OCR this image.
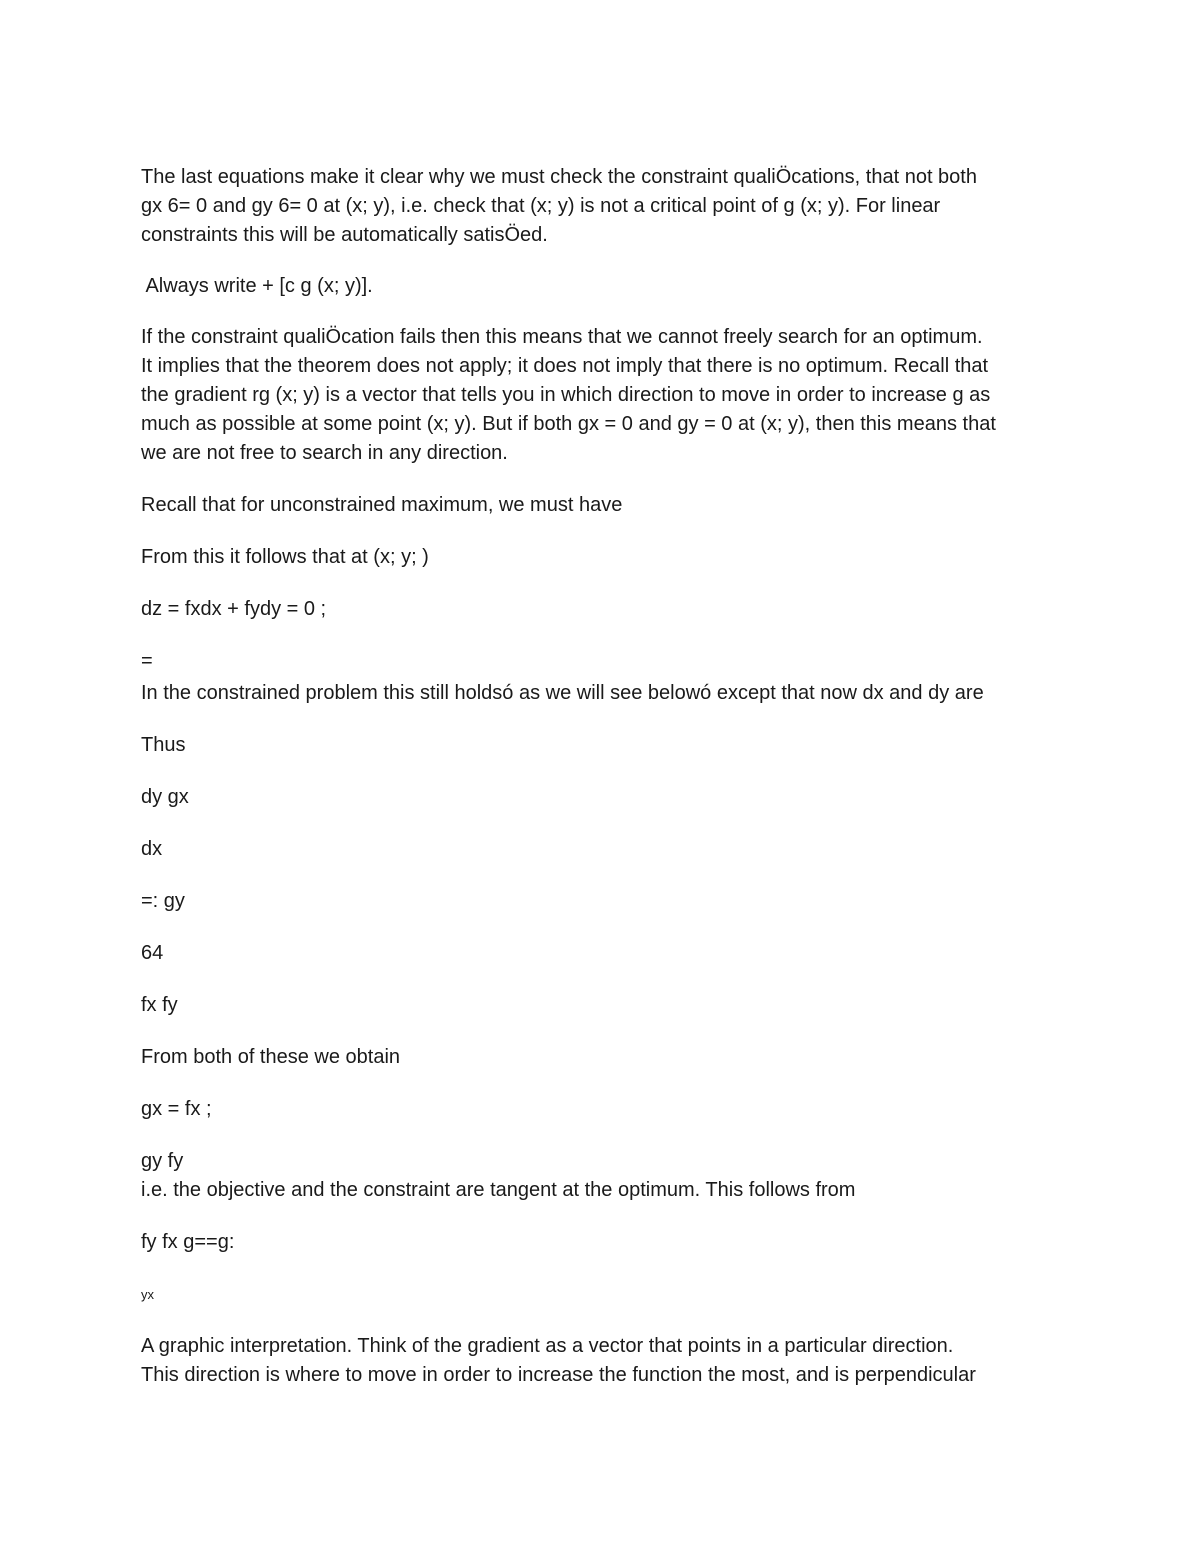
The last equations make it clear why we must check the constraint qualiÖcations, that not both
gx 6= 0 and gy 6= 0 at (x; y), i.e. check that (x; y) is not a critical point of g (x; y). For linear
constraints this will be automatically satisÖed.

Always write + [c g (x; y)].

If the constraint qualiÖcation fails then this means that we cannot freely search for an optimum.
It implies that the theorem does not apply; it does not imply that there is no optimum. Recall that
the gradient rg (x; y) is a vector that tells you in which direction to move in order to increase g as
much as possible at some point (x; y). But if both gx = 0 and gy = 0 at (x; y), then this means that
we are not free to search in any direction.

Recall that for unconstrained maximum, we must have

From this it follows that at (x; y; )

dz = fxdx + fydy = 0 ;

=

In the constrained problem this still holdsó as we will see belowó except that now dx and dy are

Thus

dy gx

dx

=: gy

64

fx fy

From both of these we obtain

gx = fx ;

gy fy

i.e. the objective and the constraint are tangent at the optimum. This follows from

fy fx g==g:

yx

A graphic interpretation. Think of the gradient as a vector that points in a particular direction.
This direction is where to move in order to increase the function the most, and is perpendicular
